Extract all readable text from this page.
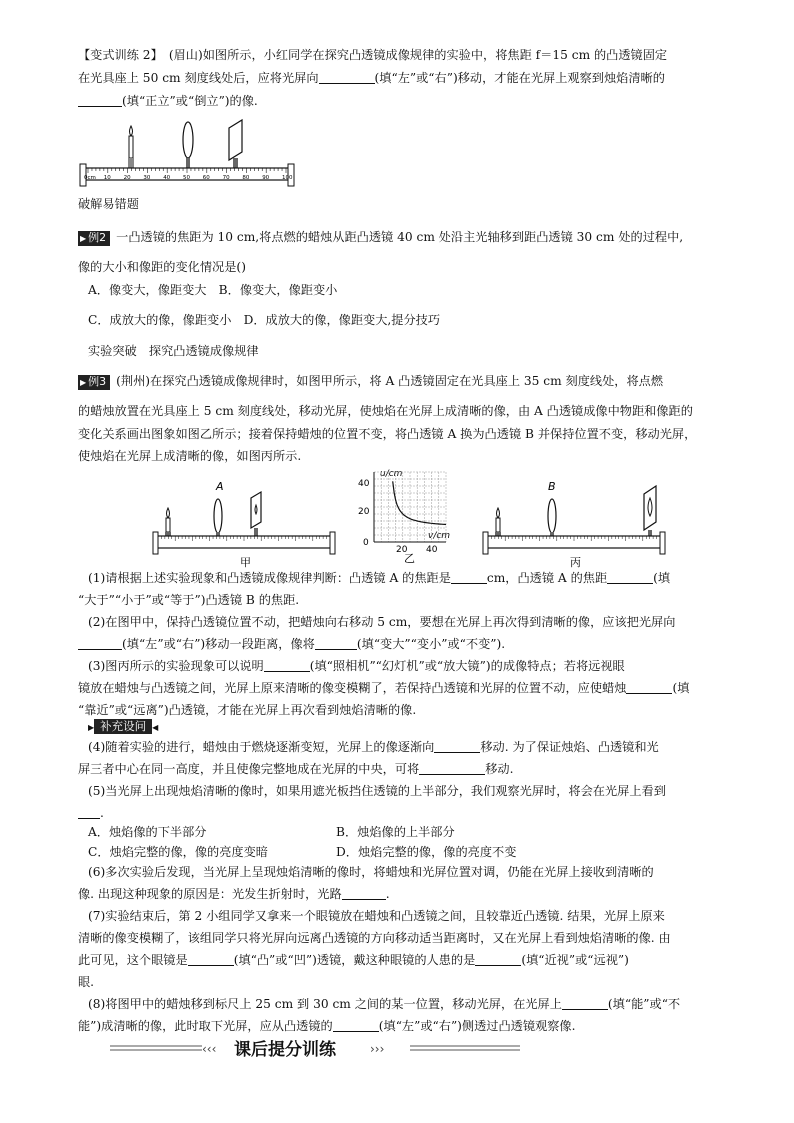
【变式训练 2】　(眉山)如图所示，小红同学在探究凸透镜成像规律的实验中，将焦距 f＝15 cm 的凸透镜固定
在光具座上 50 cm 刻度线处后，应将光屏向	(填“左”或“右”)移动，才能在光屏上观察到烛焰清晰的
(填“正立”或“倒立”)的像.
0cm 10 20 30 40 50 60 70 80 90 100
破解易错题
▶ 例2 一凸透镜的焦距为 10 cm,将点燃的蜡烛从距凸透镜 40 cm 处沿主光轴移到距凸透镜 30 cm 处的过程中,
像的大小和像距的变化情况是()
A．像变大，像距变大　B．像变大，像距变小
C．成放大的像，像距变小　D．成放大的像，像距变大,提分技巧
实验突破　探究凸透镜成像规律
▶ 例3 (荆州)在探究凸透镜成像规律时，如图甲所示，将 A 凸透镜固定在光具座上 35 cm 刻度线处，将点燃
的蜡烛放置在光具座上 5 cm 刻度线处，移动光屏，使烛焰在光屏上成清晰的像，由 A 凸透镜成像中物距和像距的
变化关系画出图象如图乙所示；接着保持蜡烛的位置不变，将凸透镜 A 换为凸透镜 B 并保持位置不变，移动光屏，
使烛焰在光屏上成清晰的像，如图丙所示.
A
甲
u/cm
v/cm
40
20
0
20 40
乙
B
丙
(1)请根据上述实验现象和凸透镜成像规律判断：凸透镜 A 的焦距是	cm，凸透镜 A 的焦距	(填
“大于”“小于”或“等于”)凸透镜 B 的焦距.
(2)在图甲中，保持凸透镜位置不动，把蜡烛向右移动 5 cm，要想在光屏上再次得到清晰的像，应该把光屏向
(填“左”或“右”)移动一段距离，像将	(填“变大”“变小”或“不变”).
(3)图丙所示的实验现象可以说明	(填“照相机”“幻灯机”或“放大镜”)的成像特点；若将远视眼
镜放在蜡烛与凸透镜之间，光屏上原来清晰的像变模糊了，若保持凸透镜和光屏的位置不动，应使蜡烛	(填
“靠近”或“远离”)凸透镜，才能在光屏上再次看到烛焰清晰的像.
▶ 补充设问 ◀
(4)随着实验的进行，蜡烛由于燃烧逐渐变短，光屏上的像逐渐向	移动. 为了保证烛焰、凸透镜和光
屏三者中心在同一高度，并且使像完整地成在光屏的中央，可将	移动.
(5)当光屏上出现烛焰清晰的像时，如果用遮光板挡住透镜的上半部分，我们观察光屏时，将会在光屏上看到
.
A．烛焰像的下半部分	B．烛焰像的上半部分
C．烛焰完整的像，像的亮度变暗	D．烛焰完整的像，像的亮度不变
(6)多次实验后发现，当光屏上呈现烛焰清晰的像时，将蜡烛和光屏位置对调，仍能在光屏上接收到清晰的
像. 出现这种现象的原因是：光发生折射时，光路	.
(7)实验结束后，第 2 小组同学又拿来一个眼镜放在蜡烛和凸透镜之间，且较靠近凸透镜. 结果，光屏上原来
清晰的像变模糊了，该组同学只将光屏向远离凸透镜的方向移动适当距离时，又在光屏上看到烛焰清晰的像. 由
此可见，这个眼镜是	(填“凸”或“凹”)透镜，戴这种眼镜的人患的是	(填“近视”或“远视”)
眼.
(8)将图甲中的蜡烛移到标尺上 25 cm 到 30 cm 之间的某一位置，移动光屏，在光屏上	(填“能”或“不
能”)成清晰的像，此时取下光屏，应从凸透镜的	(填“左”或“右”)侧透过凸透镜观察像.
‹‹‹	›››
课后提分训练
